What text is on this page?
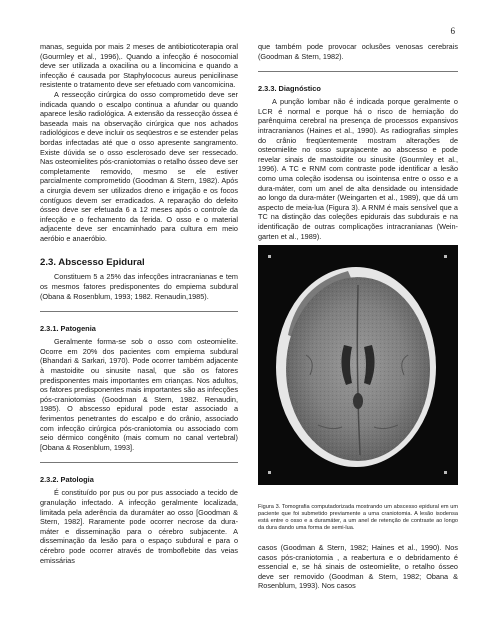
6

manas, seguida por mais 2 meses de antibioticoterapia oral (Gourmley et al., 1996),. Quando a infecção é nosocomial deve ser utilizada a oxacilina ou a lincomicina e quando a infecção é causada por Staphylococus aureus penicilinase resistente o tratamento deve ser efetuado com vancomicina.

A ressecção cirúrgica do osso comprometido deve ser indicada quando o escalpo continua a afundar ou quando aparece lesão radiológica. A extensão da ressecção óssea é baseada mais na observação cirúrgica que nos achados radiológicos e deve incluir os seqüestros e se estender pelas bordas infectadas até que o osso apresente sangramento. Existe dúvida se o osso esclerosado deve ser ressecado. Nas osteomielites pós-craniotomias o retalho ósseo deve ser completamente removido, mesmo se ele estiver parcialmente comprometido (Goodman & Stern, 1982). Após a cirurgia devem ser utilizados dreno e irrigação e os focos contíguos devem ser erradicados. A reparação do defeito ósseo deve ser efetuada 6 a 12 meses após o controle da infecção e o fechamento da ferida. O osso e o material adjacente deve ser encaminhado para cultura em meio aeróbio e anaeróbio.

2.3. Abscesso Epidural

Constituem 5 a 25% das infecções intracranianas e tem os mesmos fatores predisponentes do empiema subdural (Obana & Rosenblum, 1993; 1982. Renaudin,1985).

2.3.1. Patogenia

Geralmente forma-se sob o osso com osteomielite. Ocorre em 20% dos pacientes com empiema subdural (Bhandari & Sarkari, 1970). Pode ocorrer também adjacente à mastoidite ou sinusite nasal, que são os fatores predisponentes mais importantes em crianças. Nos adultos, os fatores predisponentes mais importantes são as infecções pós-craniotomias (Goodman & Stern, 1982. Renaudin, 1985). O abscesso epidural pode estar associado a ferimentos penetrantes do escalpo e do crânio, associado com infecção cirúrgica pós-craniotomia ou associado com seio dérmico congênito (mais comum no canal vertebral) [Obana & Rosenblum, 1993].

2.3.2. Patologia

É constituído por pus ou por pus associado a tecido de granulação infectado. A infecção geralmente localizada, limitada pela aderência da duramáter ao osso [Goodman & Stern, 1982]. Raramente pode ocorrer necrose da dura-máter e disseminação para o cérebro subjacente. A disseminação da lesão para o espaço subdural e para o cérebro pode ocorrer através de tromboflebite das veias emissárias

que também pode provocar oclusões venosas cerebrais (Goodman & Stern, 1982).

2.3.3. Diagnóstico

A punção lombar não é indicada porque geralmente o LCR é normal e porque há o risco de herniação do parênquima cerebral na presença de processos expansivos intracranianos (Haines et al., 1990). As radiografias simples do crânio freqüentemente mostram alterações de osteomielite no osso suprajacente ao abscesso e pode revelar sinais de mastoidite ou sinusite (Gourmley et al., 1996). A TC e RNM com contraste pode identificar a lesão como uma coleção isodensa ou isointensa entre o osso e a dura-máter, com um anel de alta densidade ou intensidade ao longo da dura-máter (Weingarten et al., 1989), que dá um aspecto de meia-lua (Figura 3). A RNM é mais sensível que a TC na distinção das coleções epidurais das subdurais e na identificação de outras complicações intracranianas (Wein-garten et al., 1989).

Figura 3. Tomografia computadorizada mostrando um abscesso epidural em um paciente que foi submetido previamente a uma craniotomia. A lesão isodensa está entre o osso e a duramáter, a um anel de retenção de contraste ao longo da dura dando uma forma de semi-lua.

casos (Goodman & Stern, 1982; Haines et al., 1990). Nos casos pós-craniotomia , a reabertura e o debridamento é essencial e, se há sinais de osteomielite, o retalho ósseo deve ser removido (Goodman & Stern, 1982; Obana & Rosenblum, 1993). Nos casos
